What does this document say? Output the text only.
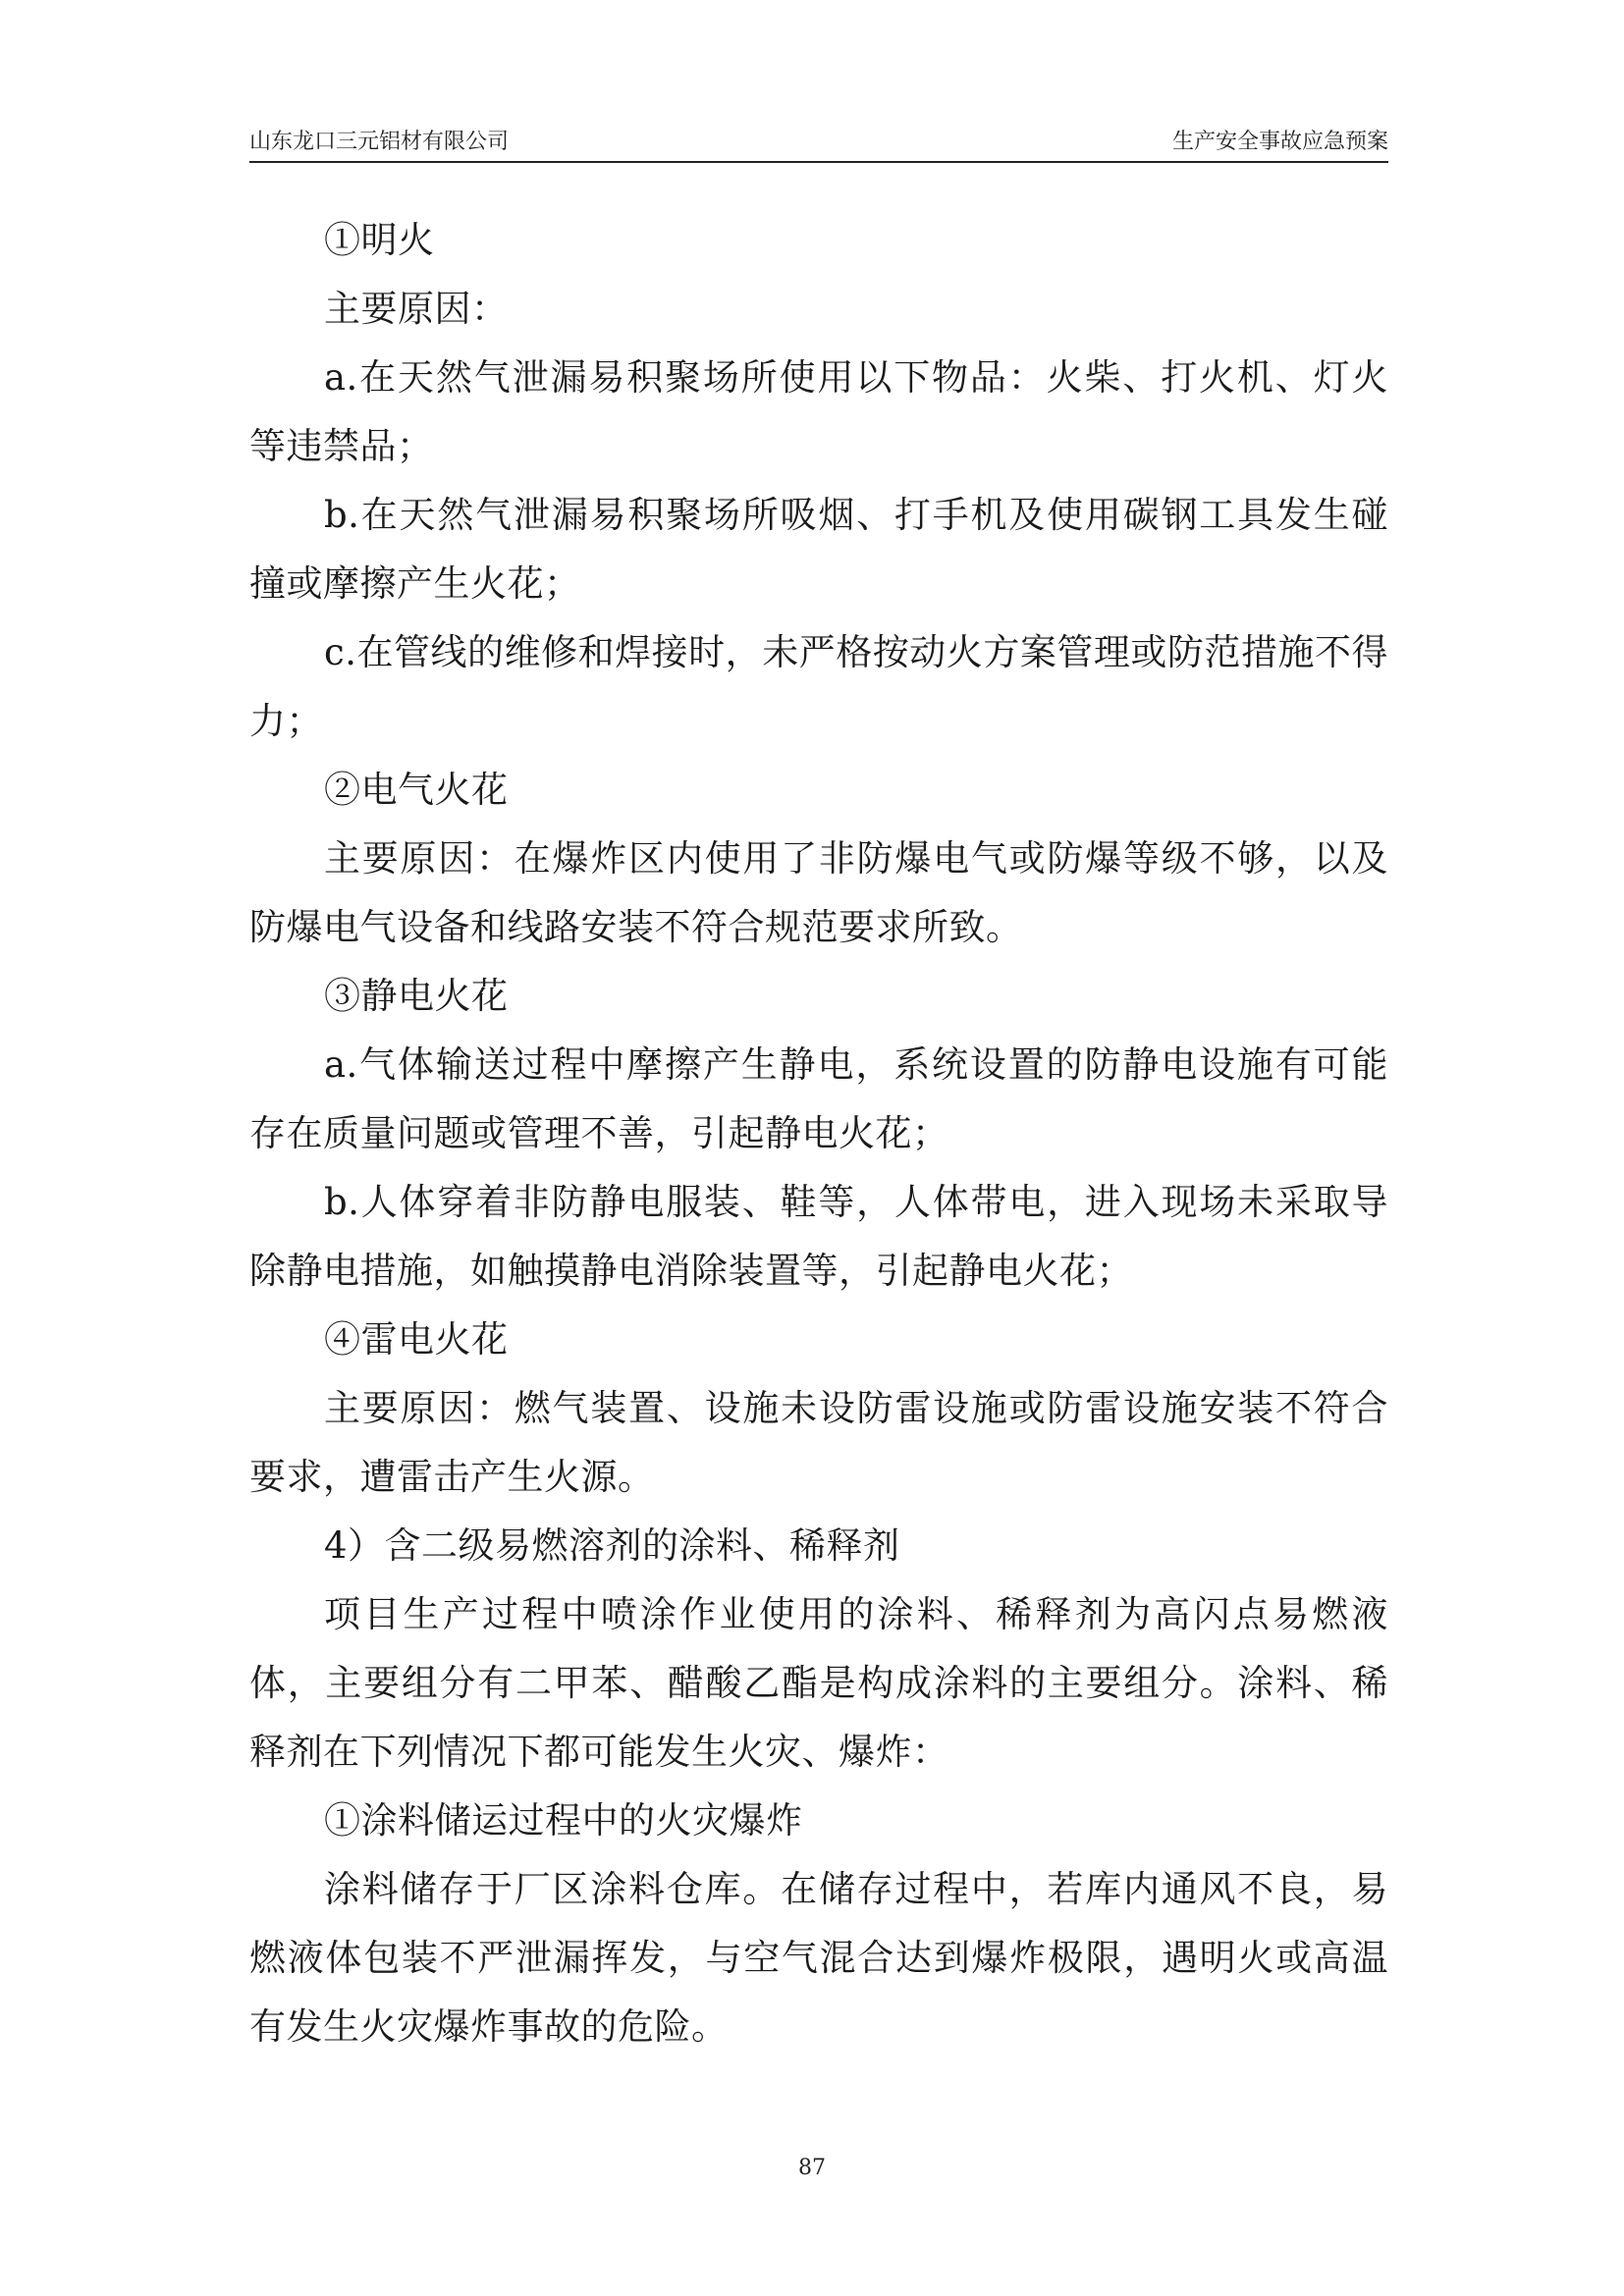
山东龙口三元铝材有限公司	生产安全事故应急预案

①明火

主要原因：

a.在天然气泄漏易积聚场所使用以下物品：火柴、打火机、灯火等违禁品；

b.在天然气泄漏易积聚场所吸烟、打手机及使用碳钢工具发生碰撞或摩擦产生火花；

c.在管线的维修和焊接时，未严格按动火方案管理或防范措施不得力；

②电气火花

主要原因：在爆炸区内使用了非防爆电气或防爆等级不够，以及防爆电气设备和线路安装不符合规范要求所致。

③静电火花

a.气体输送过程中摩擦产生静电，系统设置的防静电设施有可能存在质量问题或管理不善，引起静电火花；

b.人体穿着非防静电服装、鞋等，人体带电，进入现场未采取导除静电措施，如触摸静电消除装置等，引起静电火花；

④雷电火花

主要原因：燃气装置、设施未设防雷设施或防雷设施安装不符合要求，遭雷击产生火源。

4）含二级易燃溶剂的涂料、稀释剂

项目生产过程中喷涂作业使用的涂料、稀释剂为高闪点易燃液体，主要组分有二甲苯、醋酸乙酯是构成涂料的主要组分。涂料、稀释剂在下列情况下都可能发生火灾、爆炸：

①涂料储运过程中的火灾爆炸

涂料储存于厂区涂料仓库。在储存过程中，若库内通风不良，易燃液体包装不严泄漏挥发，与空气混合达到爆炸极限，遇明火或高温有发生火灾爆炸事故的危险。

87
